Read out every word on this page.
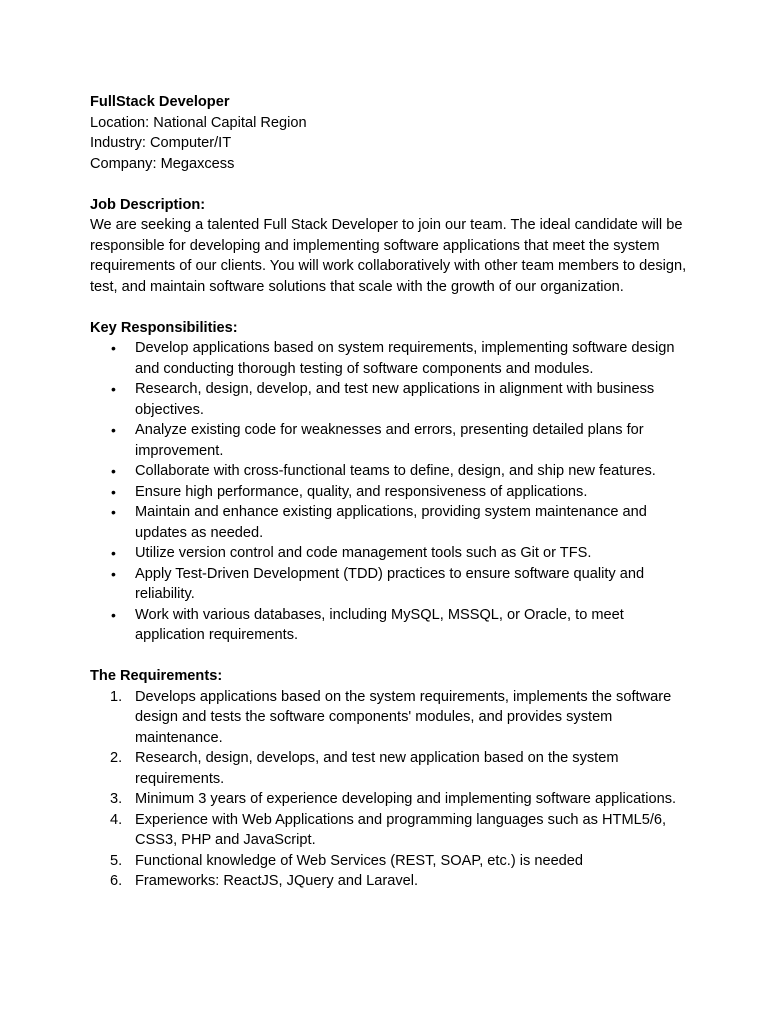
FullStack Developer

Location: National Capital Region

Industry: Computer/IT

Company: Megaxcess

Job Description:

We are seeking a talented Full Stack Developer to join our team. The ideal candidate will be responsible for developing and implementing software applications that meet the system requirements of our clients. You will work collaboratively with other team members to design, test, and maintain software solutions that scale with the growth of our organization.

Key Responsibilities:

• Develop applications based on system requirements, implementing software design and conducting thorough testing of software components and modules.
• Research, design, develop, and test new applications in alignment with business objectives.
• Analyze existing code for weaknesses and errors, presenting detailed plans for improvement.
• Collaborate with cross-functional teams to define, design, and ship new features.
• Ensure high performance, quality, and responsiveness of applications.
• Maintain and enhance existing applications, providing system maintenance and updates as needed.
• Utilize version control and code management tools such as Git or TFS.
• Apply Test-Driven Development (TDD) practices to ensure software quality and reliability.
• Work with various databases, including MySQL, MSSQL, or Oracle, to meet application requirements.

The Requirements:

1. Develops applications based on the system requirements, implements the software design and tests the software components' modules, and provides system maintenance.
2. Research, design, develops, and test new application based on the system requirements.
3. Minimum 3 years of experience developing and implementing software applications.
4. Experience with Web Applications and programming languages such as HTML5/6, CSS3, PHP and JavaScript.
5. Functional knowledge of Web Services (REST, SOAP, etc.) is needed
6. Frameworks: ReactJS, JQuery and Laravel.
